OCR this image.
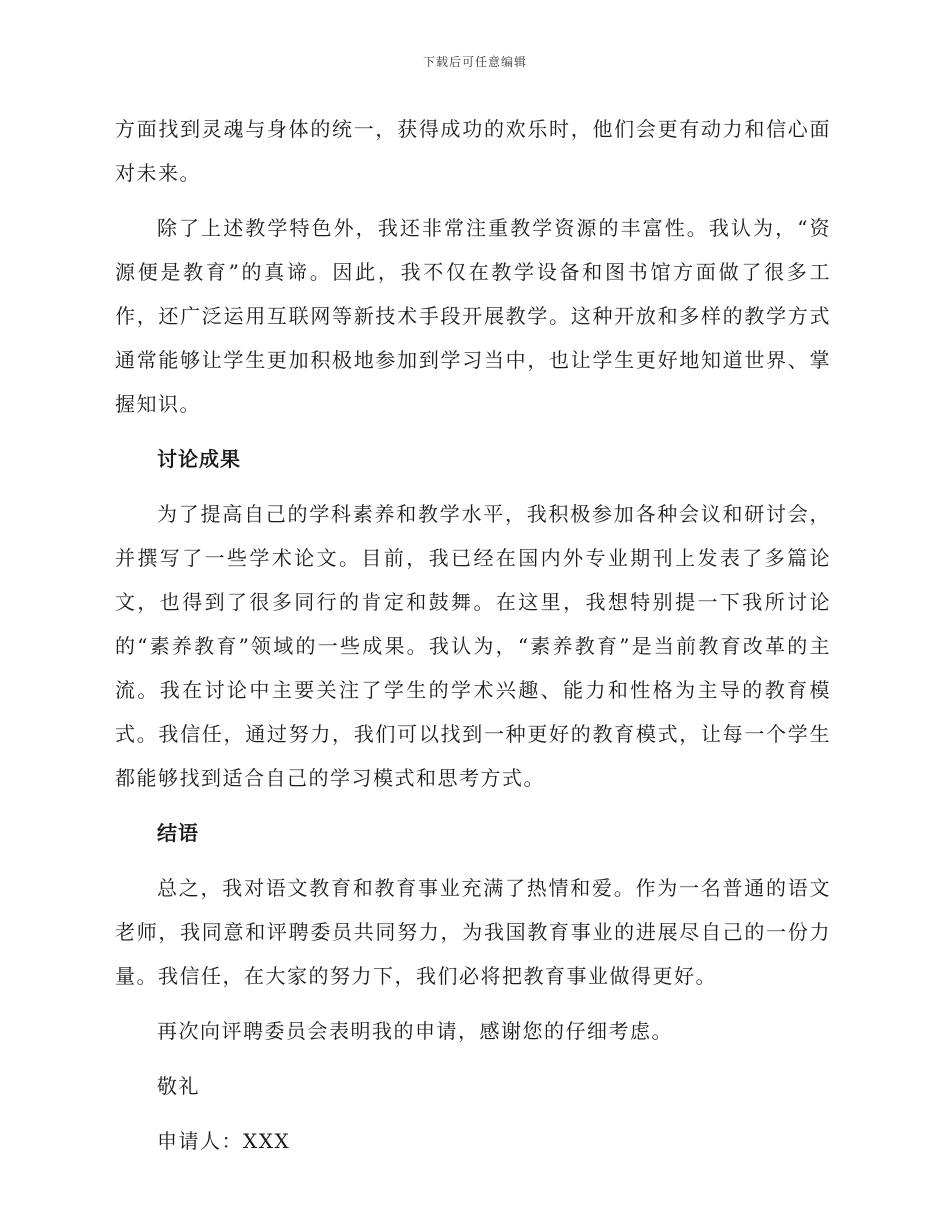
下载后可任意编辑

方面找到灵魂与身体的统一，获得成功的欢乐时，他们会更有动力和信心面对未来。

除了上述教学特色外，我还非常注重教学资源的丰富性。我认为，“资源便是教育”的真谛。因此，我不仅在教学设备和图书馆方面做了很多工作，还广泛运用互联网等新技术手段开展教学。这种开放和多样的教学方式通常能够让学生更加积极地参加到学习当中，也让学生更好地知道世界、掌握知识。

讨论成果

为了提高自己的学科素养和教学水平，我积极参加各种会议和研讨会，并撰写了一些学术论文。目前，我已经在国内外专业期刊上发表了多篇论文，也得到了很多同行的肯定和鼓舞。在这里，我想特别提一下我所讨论的“素养教育”领域的一些成果。我认为，“素养教育”是当前教育改革的主流。我在讨论中主要关注了学生的学术兴趣、能力和性格为主导的教育模式。我信任，通过努力，我们可以找到一种更好的教育模式，让每一个学生都能够找到适合自己的学习模式和思考方式。

结语

总之，我对语文教育和教育事业充满了热情和爱。作为一名普通的语文老师，我同意和评聘委员共同努力，为我国教育事业的进展尽自己的一份力量。我信任，在大家的努力下，我们必将把教育事业做得更好。

再次向评聘委员会表明我的申请，感谢您的仔细考虑。
敬礼
申请人：XXX
